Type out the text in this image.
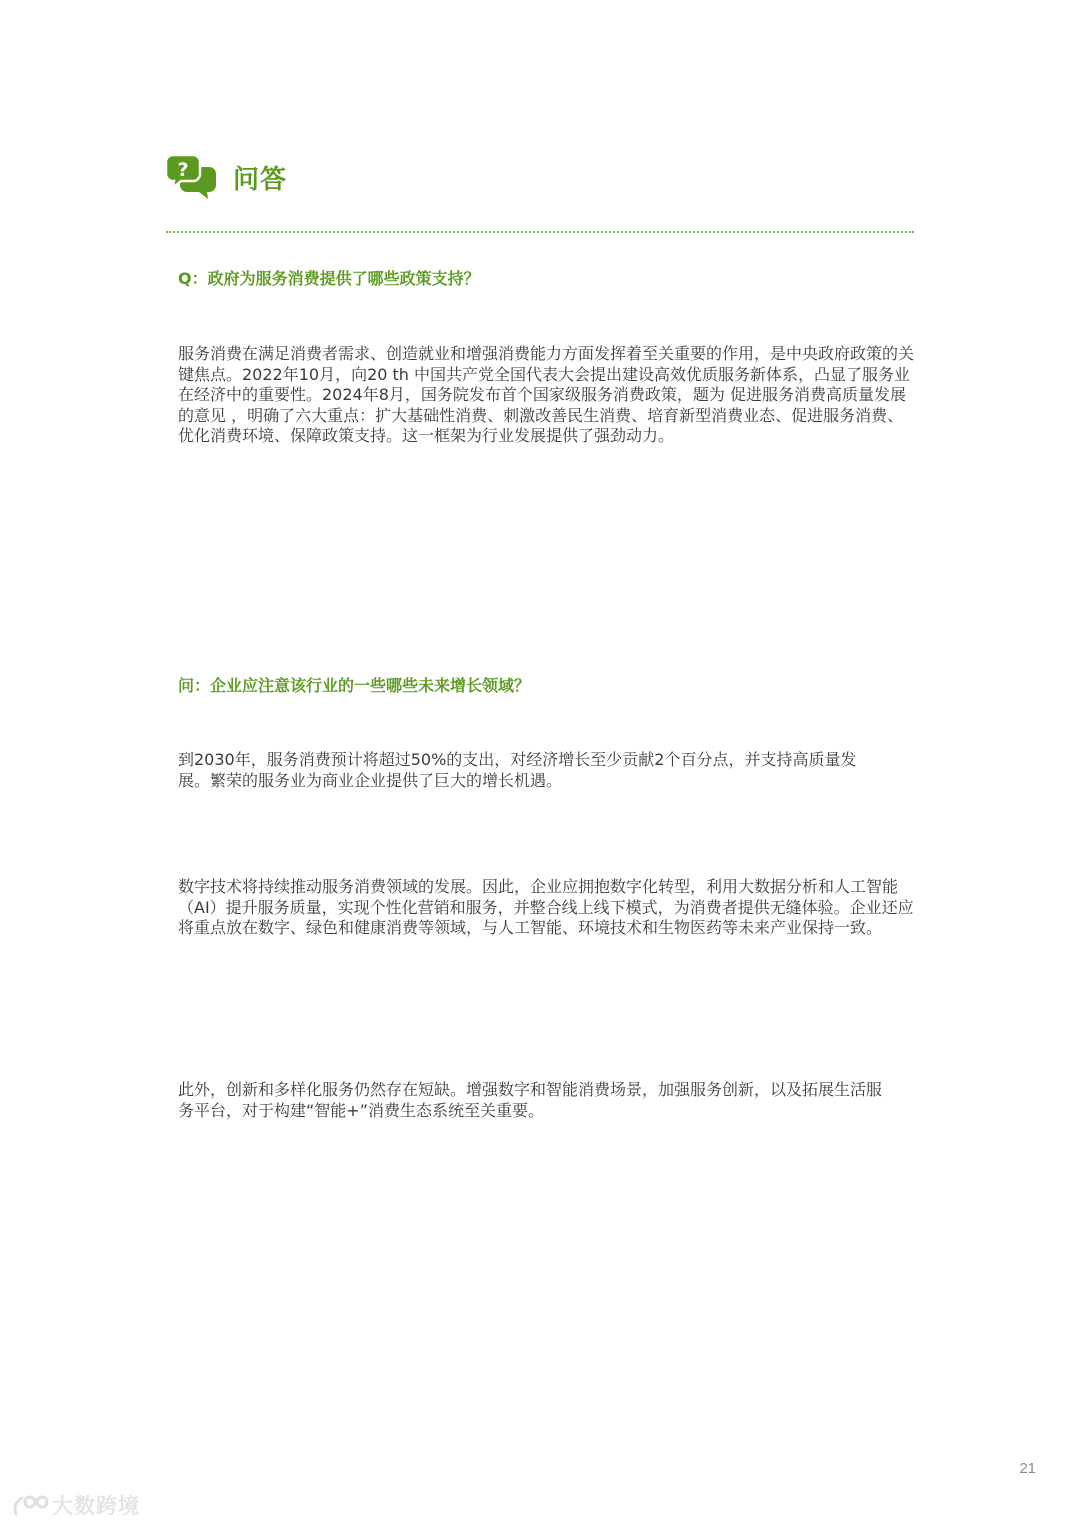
? 问答

Q：政府为服务消费提供了哪些政策支持？

服务消费在满足消费者需求、创造就业和增强消费能力方面发挥着至关重要的作用，是中央政府政策的关键焦点。2022年10月，向20 th 中国共产党全国代表大会提出建设高效优质服务新体系，凸显了服务业在经济中的重要性。2024年8月，国务院发布首个国家级服务消费政策，题为 促进服务消费高质量发展的意见 ，明确了六大重点：扩大基础性消费、刺激改善民生消费、培育新型消费业态、促进服务消费、优化消费环境、保障政策支持。这一框架为行业发展提供了强劲动力。

问：企业应注意该行业的一些哪些未来增长领域？

到2030年，服务消费预计将超过50%的支出，对经济增长至少贡献2个百分点，并支持高质量发展。繁荣的服务业为商业企业提供了巨大的增长机遇。

数字技术将持续推动服务消费领域的发展。因此，企业应拥抱数字化转型，利用大数据分析和人工智能（AI）提升服务质量，实现个性化营销和服务，并整合线上线下模式，为消费者提供无缝体验。企业还应将重点放在数字、绿色和健康消费等领域，与人工智能、环境技术和生物医药等未来产业保持一致。

此外，创新和多样化服务仍然存在短缺。增强数字和智能消费场景，加强服务创新，以及拓展生活服务平台，对于构建“智能+”消费生态系统至关重要。

21
大数跨境
